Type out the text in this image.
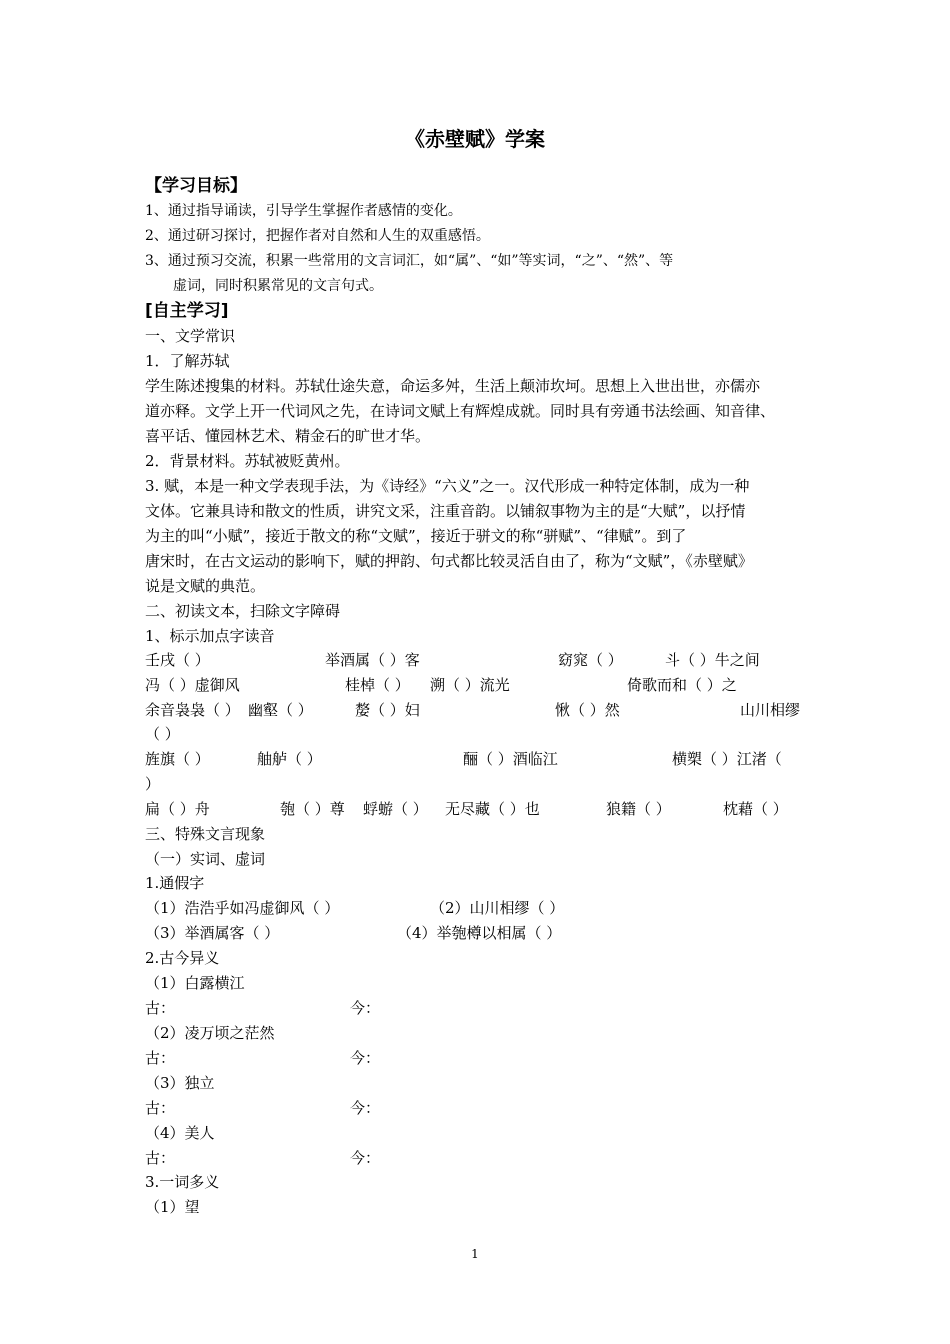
《赤壁赋》学案
【学习目标】
1、通过指导诵读，引导学生掌握作者感情的变化。
2、通过研习探讨，把握作者对自然和人生的双重感悟。
3、通过预习交流，积累一些常用的文言词汇，如“属”、“如”等实词，“之”、“然”、等
虚词，同时积累常见的文言句式。
[自主学习]
一、文学常识
1．了解苏轼
学生陈述搜集的材料。苏轼仕途失意，命运多舛，生活上颠沛坎坷。思想上入世出世，亦儒亦
道亦释。文学上开一代词风之先，在诗词文赋上有辉煌成就。同时具有旁通书法绘画、知音律、
喜平话、懂园林艺术、精金石的旷世才华。
2．背景材料。苏轼被贬黄州。
3. 赋，本是一种文学表现手法，为《诗经》“六义”之一。汉代形成一种特定体制，成为一种
文体。它兼具诗和散文的性质，讲究文采，注重音韵。以铺叙事物为主的是“大赋”，以抒情
为主的叫“小赋”，接近于散文的称“文赋”，接近于骈文的称“骈赋”、“律赋”。到了
唐宋时，在古文运动的影响下，赋的押韵、句式都比较灵活自由了，称为“文赋”，《赤壁赋》
说是文赋的典范。
二、初读文本，扫除文字障碍
1、标示加点字读音
壬戌（ ）	举酒属（ ）客	窈窕（ ）	斗（ ）牛之间
冯（ ）虚御风	桂棹（ ） 溯（ ）流光	倚歌而和（ ）之
余音袅袅（ ） 幽壑（ ）	嫠（ ）妇	愀（ ）然	山川相缪
（ ）
旌旗（ ）	舳舻（ ）	酾（ ）酒临江	横槊（ ）江渚（
）
扁（ ）舟	匏（ ）尊 蜉蝣（ ） 无尽藏（ ）也	狼籍（ ）	枕藉（ ）
三、特殊文言现象
（一）实词、虚词
1.通假字
（1）浩浩乎如冯虚御风（ ）	（2）山川相缪（ ）
（3）举酒属客（ ）	（4）举匏樽以相属（ ）
2.古今异义
（1）白露横江
古：	今：
（2）凌万顷之茫然
古：	今：
（3）独立
古：	今：
（4）美人
古：	今：
3.一词多义
（1）望
1
